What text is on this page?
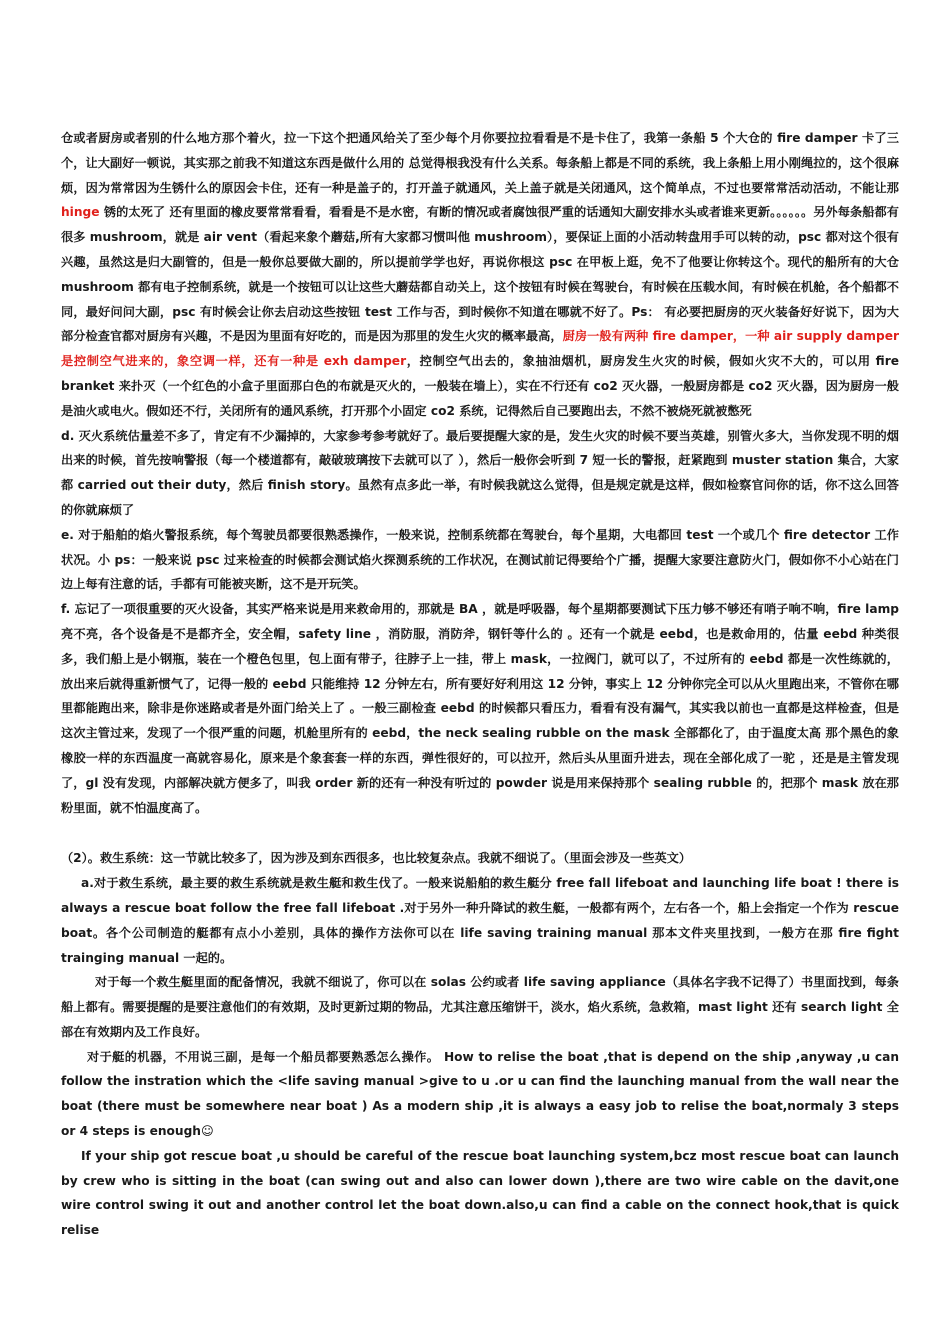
仓或者厨房或者别的什么地方那个着火，拉一下这个把通风给关了至少每个月你要拉拉看看是不是卡住了，我第一条船 5 个大仓的 fire damper 卡了三个，让大副好一顿说，其实那之前我不知道这东西是做什么用的 总觉得根我没有什么关系。每条船上都是不同的系统，我上条船上用小刚绳拉的，这个很麻烦，因为常常因为生锈什么的原因会卡住，还有一种是盖子的，打开盖子就通风，关上盖子就是关闭通风，这个简单点，不过也要常常活动活动，不能让那 hinge 锈的太死了 还有里面的橡皮要常常看看，看看是不是水密，有断的情况或者腐蚀很严重的话通知大副安排水头或者谁来更新。。。。。。另外每条船都有很多 mushroom，就是 air vent（看起来象个蘑菇,所有大家都习惯叫他 mushroom），要保证上面的小活动转盘用手可以转的动，psc 都对这个很有兴趣，虽然这是归大副管的，但是一般你总要做大副的，所以提前学学也好，再说你根这 psc 在甲板上逛，免不了他要让你转这个。现代的船所有的大仓 mushroom 都有电子控制系统，就是一个按钮可以让这些大蘑菇都自动关上，这个按钮有时候在驾驶台，有时候在压载水间，有时候在机舱，各个船都不同，最好问问大副，psc 有时候会让你去启动这些按钮 test 工作与否，到时候你不知道在哪就不好了。Ps： 有必要把厨房的灭火装备好好说下，因为大部分检查官都对厨房有兴趣，不是因为里面有好吃的，而是因为那里的发生火灾的概率最高，厨房一般有两种 fire damper，一种 air supply damper 是控制空气进来的，象空调一样，还有一种是 exh damper，控制空气出去的，象抽油烟机，厨房发生火灾的时候，假如火灾不大的，可以用 fire branket 来扑灭（一个红色的小盒子里面那白色的布就是灭火的，一般装在墙上），实在不行还有 co2 灭火器，一般厨房都是 co2 灭火器，因为厨房一般是油火或电火。假如还不行，关闭所有的通风系统，打开那个小固定 co2 系统，记得然后自己要跑出去，不然不被烧死就被憋死

d. 灭火系统估量差不多了，肯定有不少漏掉的，大家参考参考就好了。最后要提醒大家的是，发生火灾的时候不要当英雄，别管火多大，当你发现不明的烟出来的时候，首先按响警报（每一个楼道都有，敲破玻璃按下去就可以了 ），然后一般你会听到 7 短一长的警报，赶紧跑到 muster station 集合，大家都 carried out their duty，然后 finish story。虽然有点多此一举，有时候我就这么觉得，但是规定就是这样，假如检察官问你的话，你不这么回答的你就麻烦了

e. 对于船舶的焰火警报系统，每个驾驶员都要很熟悉操作，一般来说，控制系统都在驾驶台，每个星期，大电都回 test 一个或几个 fire detector 工作状况。小 ps：一般来说 psc 过来检查的时候都会测试焰火探测系统的工作状况，在测试前记得要给个广播，提醒大家要注意防火门，假如你不小心站在门边上每有注意的话，手都有可能被夹断，这不是开玩笑。

f. 忘记了一项很重要的灭火设备，其实严格来说是用来救命用的，那就是 BA ，就是呼吸器，每个星期都要测试下压力够不够还有哨子响不响，fire lamp 亮不亮，各个设备是不是都齐全，安全帽，safety line ，消防服，消防斧，钢钎等什么的 。还有一个就是 eebd，也是救命用的，估量 eebd 种类很多，我们船上是小钢瓶，装在一个橙色包里，包上面有带子，往脖子上一挂，带上 mask，一拉阀门，就可以了，不过所有的 eebd 都是一次性练就的，放出来后就得重新惯气了，记得一般的 eebd 只能维持 12 分钟左右，所有要好好利用这 12 分钟，事实上 12 分钟你完全可以从火里跑出来，不管你在哪里都能跑出来，除非是你迷路或者是外面门给关上了 。一般三副检查 eebd 的时候都只看压力，看看有没有漏气，其实我以前也一直都是这样检查，但是这次主管过来，发现了一个很严重的问题，机舱里所有的 eebd，the neck sealing rubble on the mask 全部都化了，由于温度太高 那个黑色的象橡胶一样的东西温度一高就容易化，原来是个象套套一样的东西，弹性很好的，可以拉开，然后头从里面升进去，现在全部化成了一驼 ，还是是主管发现了，gl 没有发现，内部解决就方便多了，叫我 order 新的还有一种没有听过的 powder 说是用来保持那个 sealing rubble 的，把那个 mask 放在那粉里面，就不怕温度高了。

（2）。救生系统：这一节就比较多了，因为涉及到东西很多，也比较复杂点。我就不细说了。（里面会涉及一些英文）

a.对于救生系统，最主要的救生系统就是救生艇和救生伐了。一般来说船舶的救生艇分 free fall lifeboat and launching life boat ! there is always a rescue boat follow the free fall lifeboat .对于另外一种升降试的救生艇，一般都有两个，左右各一个，船上会指定一个作为 rescue boat。各个公司制造的艇都有点小小差别，具体的操作方法你可以在 life saving training manual 那本文件夹里找到，一般方在那 fire fight trainging manual 一起的。

对于每一个救生艇里面的配备情况，我就不细说了，你可以在 solas 公约或者 life saving appliance（具体名字我不记得了）书里面找到，每条船上都有。需要提醒的是要注意他们的有效期，及时更新过期的物品，尤其注意压缩饼干，淡水，焰火系统，急救箱，mast light 还有 search light 全部在有效期内及工作良好。

对于艇的机器，不用说三副，是每一个船员都要熟悉怎么操作。 How to relise the boat ,that is depend on the ship ,anyway ,u can follow the instration which the <life saving manual >give to u .or u can find the launching manual from the wall near the boat (there must be somewhere near boat ) As a modern ship ,it is always a easy job to relise the boat,normaly 3 steps or 4 steps is enough☺

If your ship got rescue boat ,u should be careful of the rescue boat launching system,bcz most rescue boat can launch by crew who is sitting in the boat (can swing out and also can lower down ),there are two wire cable on the davit,one wire control swing it out and another control let the boat down.also,u can find a cable on the connect hook,that is quick relise
